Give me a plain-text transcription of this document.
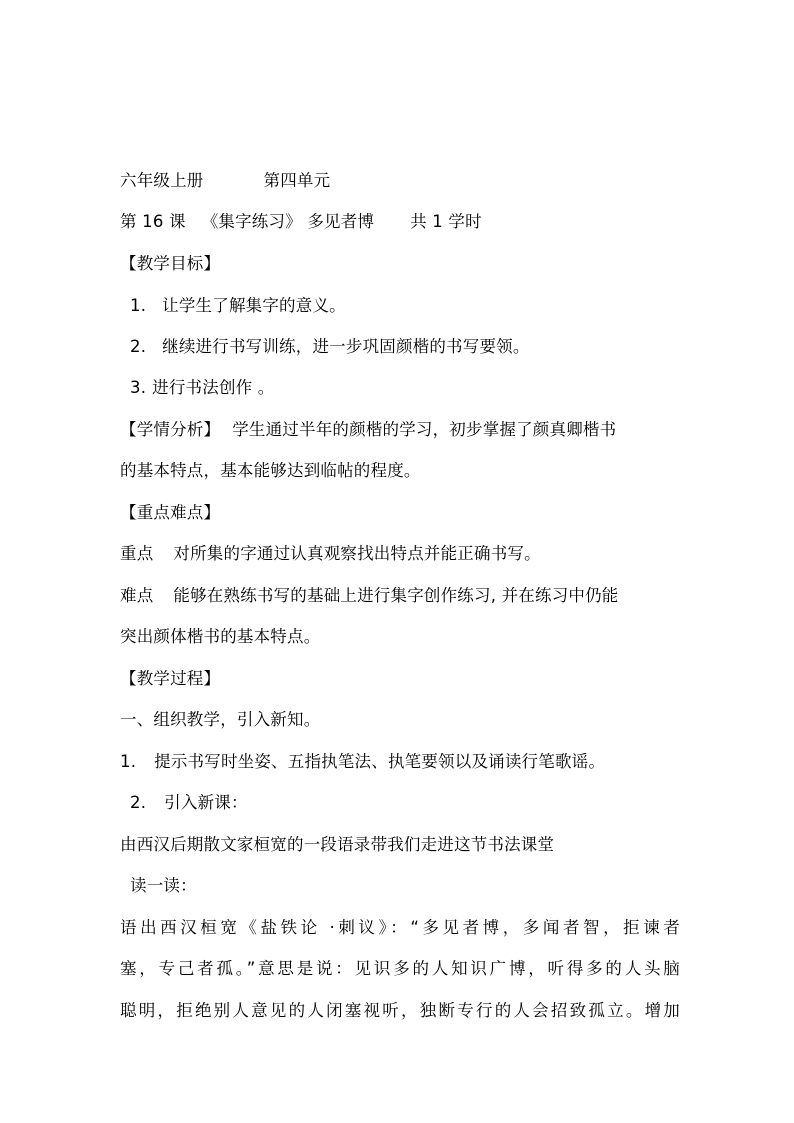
六年级上册	第四单元
第 16 课 《集字练习》 多见者博 共 1 学时
【教学目标】
1. 让学生了解集字的意义。
2. 继续进行书写训练，进一步巩固颜楷的书写要领。
3. 进行书法创作 。
【学情分析】 学生通过半年的颜楷的学习，初步掌握了颜真卿楷书
的基本特点，基本能够达到临帖的程度。
【重点难点】
重点 对所集的字通过认真观察找出特点并能正确书写。
难点 能够在熟练书写的基础上进行集字创作练习, 并在练习中仍能
突出颜体楷书的基本特点。
【教学过程】
一、组织教学，引入新知。
1. 提示书写时坐姿、五指执笔法、执笔要领以及诵读行笔歌谣。
2. 引入新课：
由西汉后期散文家桓宽的一段语录带我们走进这节书法课堂
读一读：
语出西汉桓宽《盐铁论 ·刺议》：“多见者博，多闻者智，拒谏者
塞，专己者孤。”意思是说：见识多的人知识广博，听得多的人头脑
聪明，拒绝别人意见的人闭塞视听，独断专行的人会招致孤立。增加
